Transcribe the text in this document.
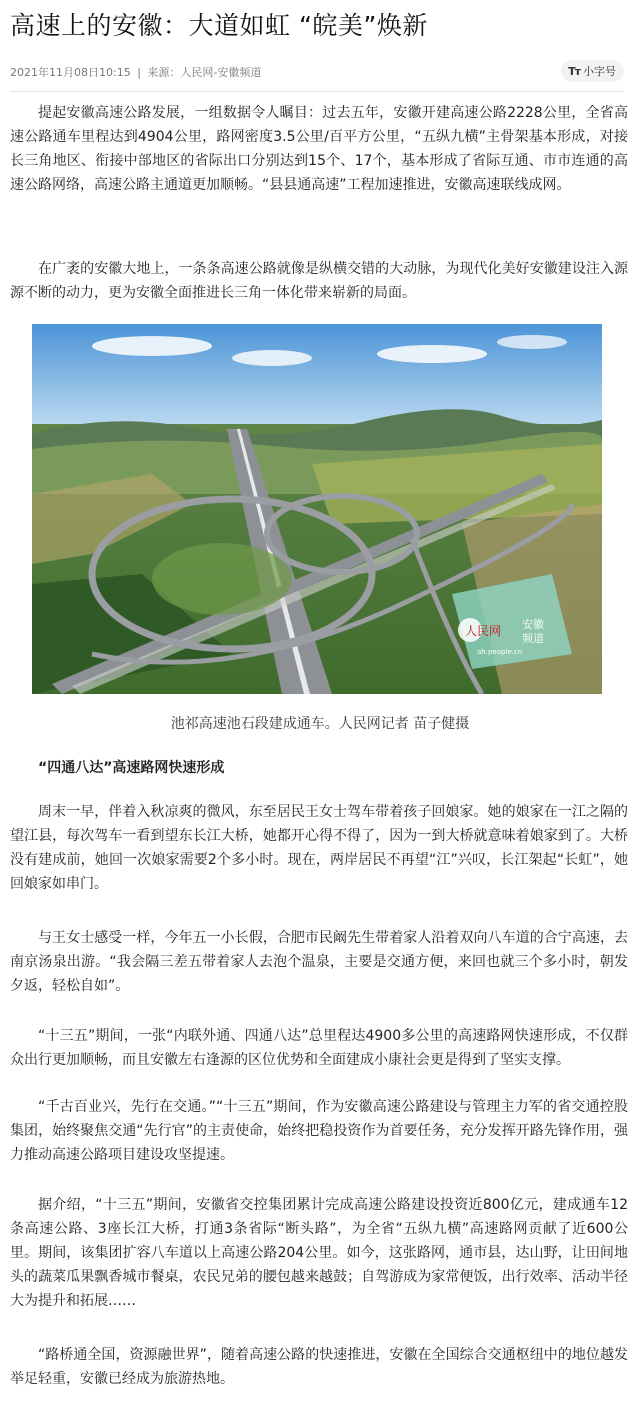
高速上的安徽：大道如虹 “皖美”焕新
2021年11月08日10:15 | 来源：人民网-安徽频道	Tт 小字号

提起安徽高速公路发展，一组数据令人瞩目：过去五年，安徽开建高速公路2228公里，全省高速公路通车里程达到4904公里，路网密度3.5公里/百平方公里，“五纵九横”主骨架基本形成，对接长三角地区、衔接中部地区的省际出口分别达到15个、17个，基本形成了省际互通、市市连通的高速公路网络，高速公路主通道更加顺畅。“县县通高速”工程加速推进，安徽高速联线成网。

在广袤的安徽大地上，一条条高速公路就像是纵横交错的大动脉，为现代化美好安徽建设注入源源不断的动力，更为安徽全面推进长三角一体化带来崭新的局面。

人民网 安徽
频道
ah.people.cn
池祁高速池石段建成通车。人民网记者 苗子健摄
“四通八达”高速路网快速形成

周末一早，伴着入秋凉爽的微风，东至居民王女士驾车带着孩子回娘家。她的娘家在一江之隔的望江县，每次驾车一看到望东长江大桥，她都开心得不得了，因为一到大桥就意味着娘家到了。大桥没有建成前，她回一次娘家需要2个多小时。现在，两岸居民不再望“江”兴叹，长江架起“长虹”，她回娘家如串门。

与王女士感受一样，今年五一小长假，合肥市民阚先生带着家人沿着双向八车道的合宁高速，去南京汤泉出游。“我会隔三差五带着家人去泡个温泉，主要是交通方便，来回也就三个多小时，朝发夕返，轻松自如”。

“十三五”期间，一张“内联外通、四通八达”总里程达4900多公里的高速路网快速形成，不仅群众出行更加顺畅，而且安徽左右逢源的区位优势和全面建成小康社会更是得到了坚实支撑。

“千古百业兴，先行在交通。”“十三五”期间，作为安徽高速公路建设与管理主力军的省交通控股集团，始终聚焦交通“先行官”的主责使命，始终把稳投资作为首要任务，充分发挥开路先锋作用，强力推动高速公路项目建设攻坚提速。

据介绍，“十三五”期间，安徽省交控集团累计完成高速公路建设投资近800亿元，建成通车12条高速公路、3座长江大桥，打通3条省际“断头路”，为全省“五纵九横”高速路网贡献了近600公里。期间，该集团扩容八车道以上高速公路204公里。如今，这张路网，通市县，达山野，让田间地头的蔬菜瓜果飘香城市餐桌，农民兄弟的腰包越来越鼓；自驾游成为家常便饭，出行效率、活动半径大为提升和拓展……

“路桥通全国，资源融世界”，随着高速公路的快速推进，安徽在全国综合交通枢纽中的地位越发举足轻重，安徽已经成为旅游热地。
